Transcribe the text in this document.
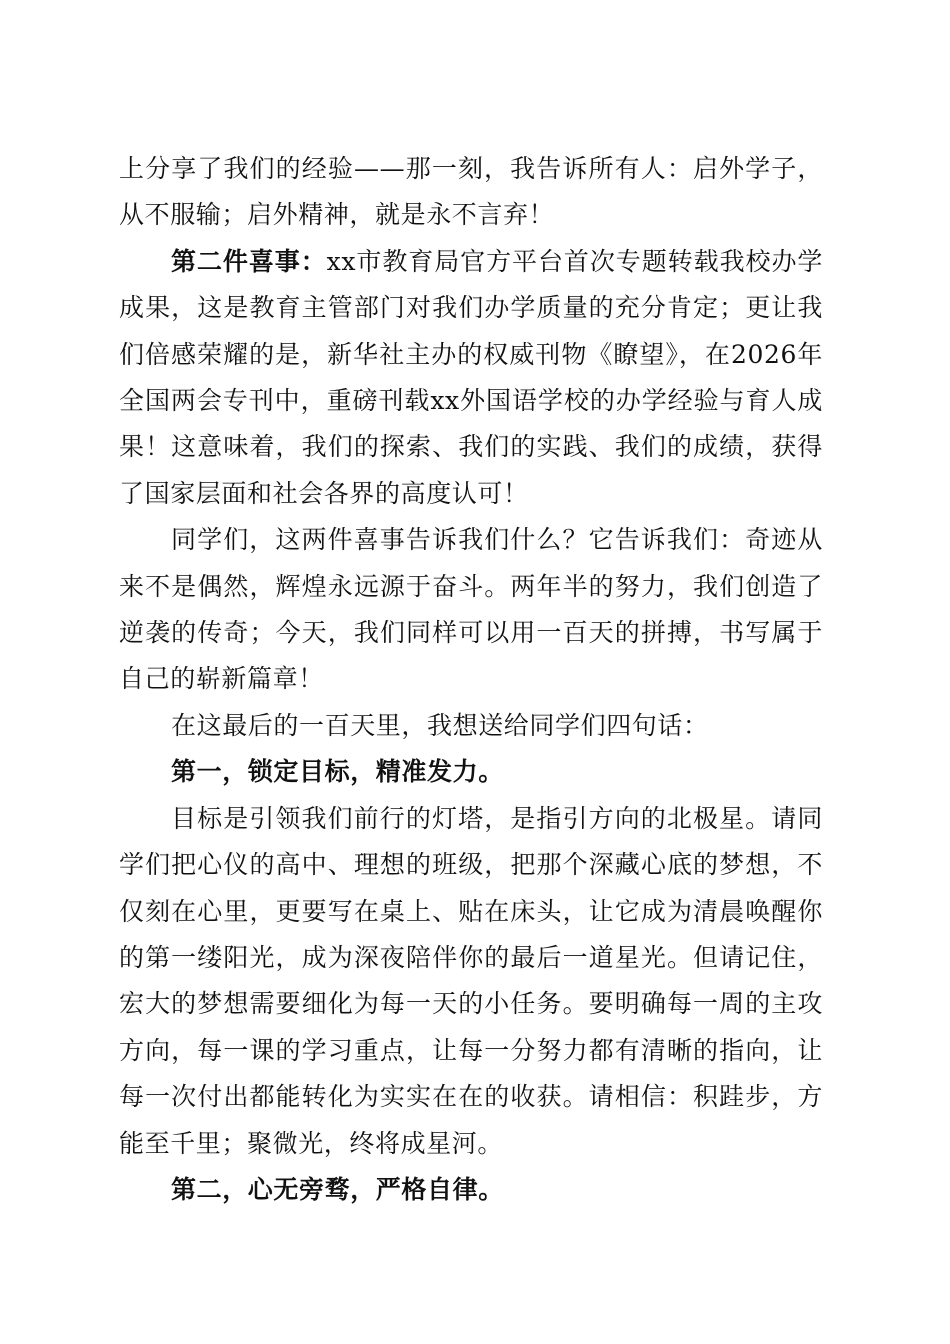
上分享了我们的经验——那一刻，我告诉所有人：启外学子，从不服输；启外精神，就是永不言弃！

第二件喜事：xx市教育局官方平台首次专题转载我校办学成果，这是教育主管部门对我们办学质量的充分肯定；更让我们倍感荣耀的是，新华社主办的权威刊物《瞭望》，在2026年全国两会专刊中，重磅刊载xx外国语学校的办学经验与育人成果！这意味着，我们的探索、我们的实践、我们的成绩，获得了国家层面和社会各界的高度认可！

同学们，这两件喜事告诉我们什么？它告诉我们：奇迹从来不是偶然，辉煌永远源于奋斗。两年半的努力，我们创造了逆袭的传奇；今天，我们同样可以用一百天的拼搏，书写属于自己的崭新篇章！

在这最后的一百天里，我想送给同学们四句话：

第一，锁定目标，精准发力。

目标是引领我们前行的灯塔，是指引方向的北极星。请同学们把心仪的高中、理想的班级，把那个深藏心底的梦想，不仅刻在心里，更要写在桌上、贴在床头，让它成为清晨唤醒你的第一缕阳光，成为深夜陪伴你的最后一道星光。但请记住，宏大的梦想需要细化为每一天的小任务。要明确每一周的主攻方向，每一课的学习重点，让每一分努力都有清晰的指向，让每一次付出都能转化为实实在在的收获。请相信：积跬步，方能至千里；聚微光，终将成星河。

第二，心无旁骛，严格自律。
